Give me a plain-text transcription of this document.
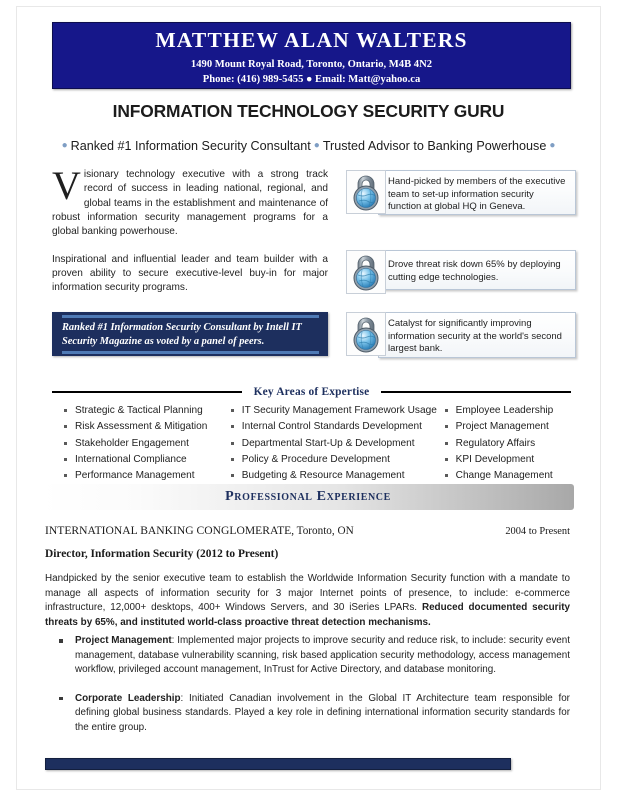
MATTHEW ALAN WALTERS
1490 Mount Royal Road, Toronto, Ontario, M4B 4N2
Phone: (416) 989-5455 ● Email: Matt@yahoo.ca
INFORMATION TECHNOLOGY SECURITY GURU
● Ranked #1 Information Security Consultant ● Trusted Advisor to Banking Powerhouse ●

Visionary technology executive with a strong track record of success in leading national, regional, and global teams in the establishment and maintenance of robust information security management programs for a global banking powerhouse.

Inspirational and influential leader and team builder with a proven ability to secure executive-level buy-in for major information security programs.

Ranked #1 Information Security Consultant by Intell IT Security Magazine as voted by a panel of peers.
Hand-picked by members of the executive team to set-up information security function at global HQ in Geneva.
Drove threat risk down 65% by deploying cutting edge technologies.
Catalyst for significantly improving information security at the world's second largest bank.
Key Areas of Expertise
Strategic & Tactical Planning
Risk Assessment & Mitigation
Stakeholder Engagement
International Compliance
Performance Management
IT Security Management Framework Usage
Internal Control Standards Development
Departmental Start-Up & Development
Policy & Procedure Development
Budgeting & Resource Management
Employee Leadership
Project Management
Regulatory Affairs
KPI Development
Change Management
Professional Experience
INTERNATIONAL BANKING CONGLOMERATE, Toronto, ON	2004 to Present
Director, Information Security (2012 to Present)
Handpicked by the senior executive team to establish the Worldwide Information Security function with a mandate to manage all aspects of information security for 3 major Internet points of presence, to include: e-commerce infrastructure, 12,000+ desktops, 400+ Windows Servers, and 30 iSeries LPARs. Reduced documented security threats by 65%, and instituted world-class proactive threat detection mechanisms.
Project Management: Implemented major projects to improve security and reduce risk, to include: security event management, database vulnerability scanning, risk based application security methodology, access management workflow, privileged account management, InTrust for Active Directory, and database monitoring.
Corporate Leadership: Initiated Canadian involvement in the Global IT Architecture team responsible for defining global business standards. Played a key role in defining international information security standards for the entire group.
